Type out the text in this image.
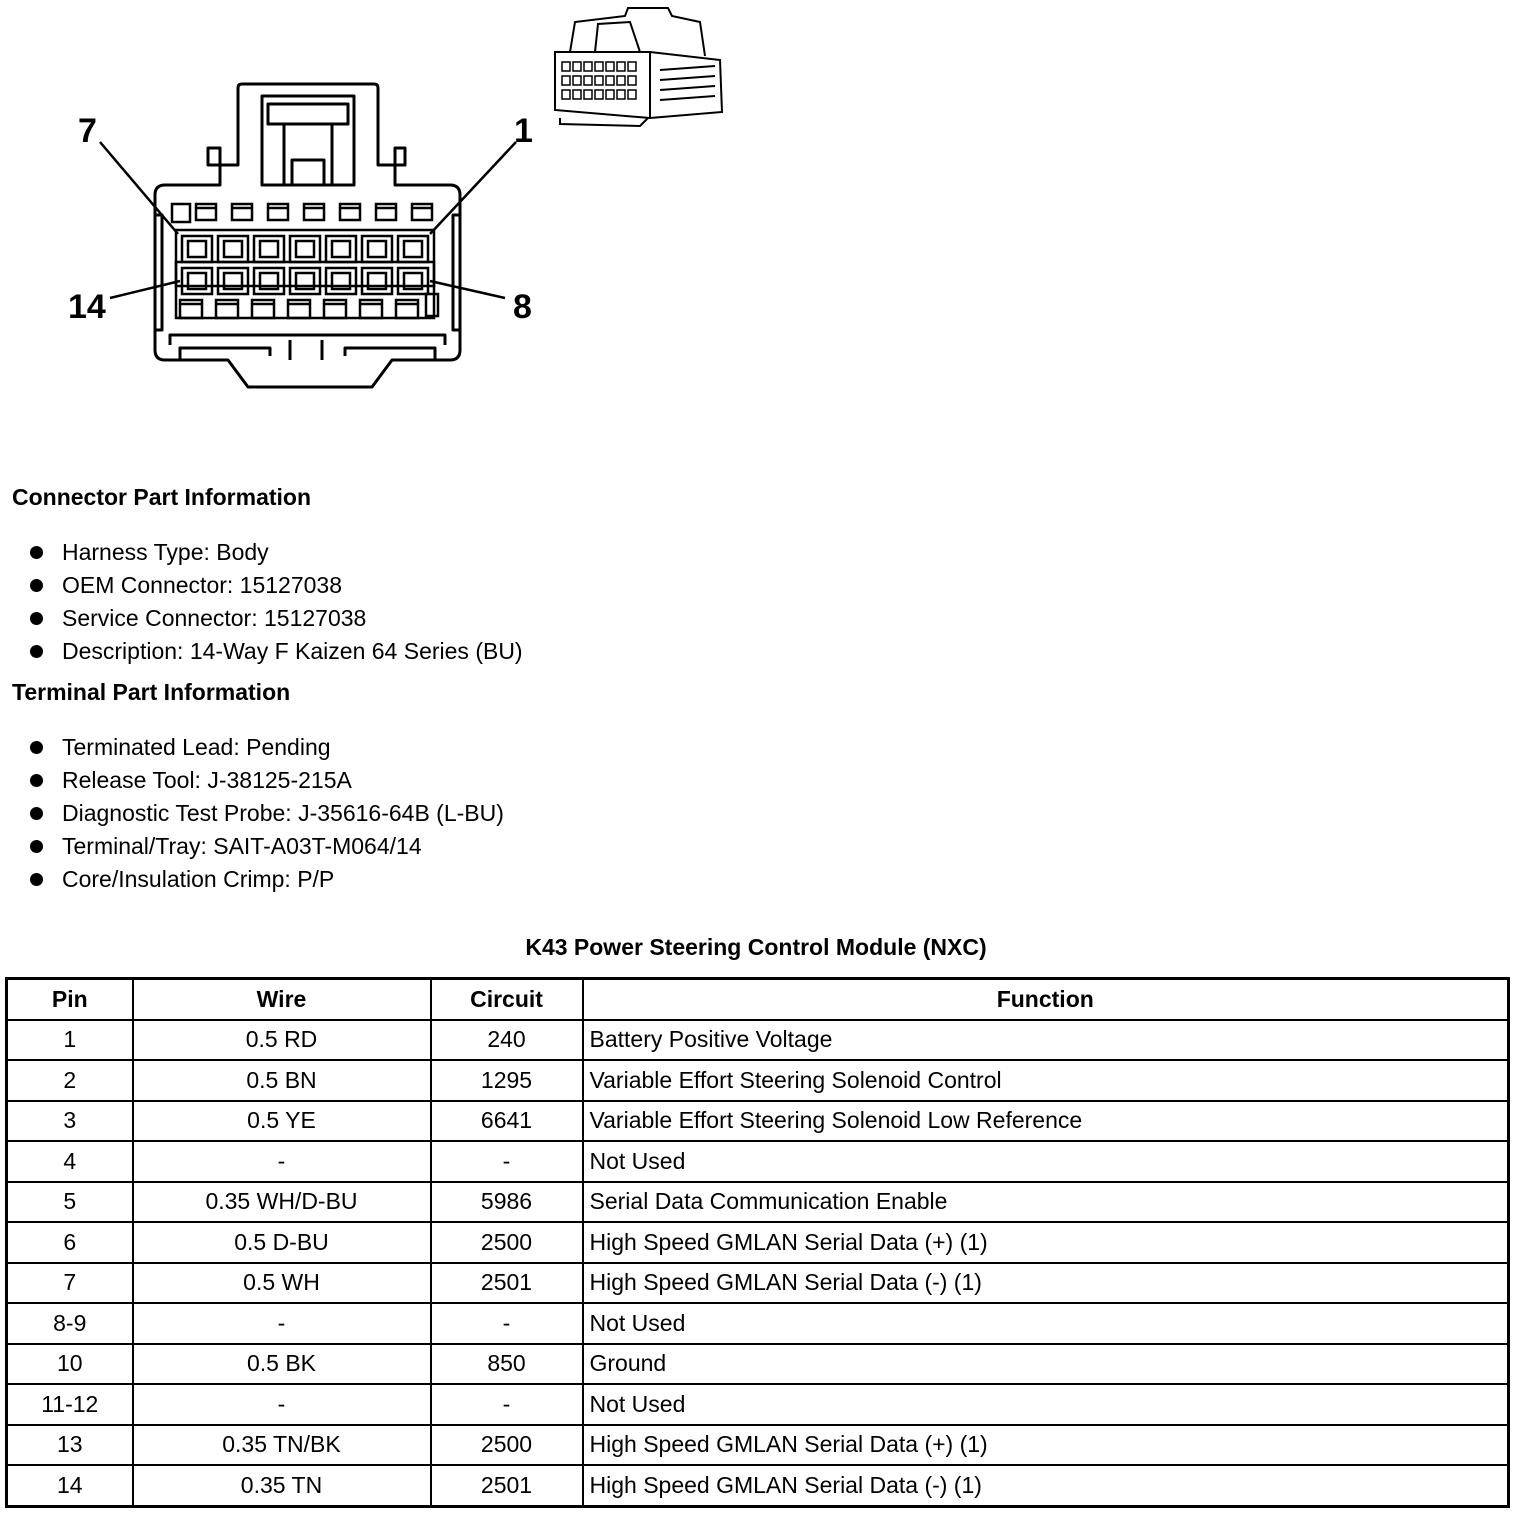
7	1
14	8
Connector Part Information
Harness Type: Body
OEM Connector: 15127038
Service Connector: 15127038
Description: 14-Way F Kaizen 64 Series (BU)
Terminal Part Information
Terminated Lead: Pending
Release Tool: J-38125-215A
Diagnostic Test Probe: J-35616-64B (L-BU)
Terminal/Tray: SAIT-A03T-M064/14
Core/Insulation Crimp: P/P
K43 Power Steering Control Module (NXC)
Pin	Wire	Circuit	Function
1	0.5 RD	240	Battery Positive Voltage
2	0.5 BN	1295	Variable Effort Steering Solenoid Control
3	0.5 YE	6641	Variable Effort Steering Solenoid Low Reference
4	-	-	Not Used
5	0.35 WH/D-BU	5986	Serial Data Communication Enable
6	0.5 D-BU	2500	High Speed GMLAN Serial Data (+) (1)
7	0.5 WH	2501	High Speed GMLAN Serial Data (-) (1)
8-9	-	-	Not Used
10	0.5 BK	850	Ground
11-12	-	-	Not Used
13	0.35 TN/BK	2500	High Speed GMLAN Serial Data (+) (1)
14	0.35 TN	2501	High Speed GMLAN Serial Data (-) (1)
